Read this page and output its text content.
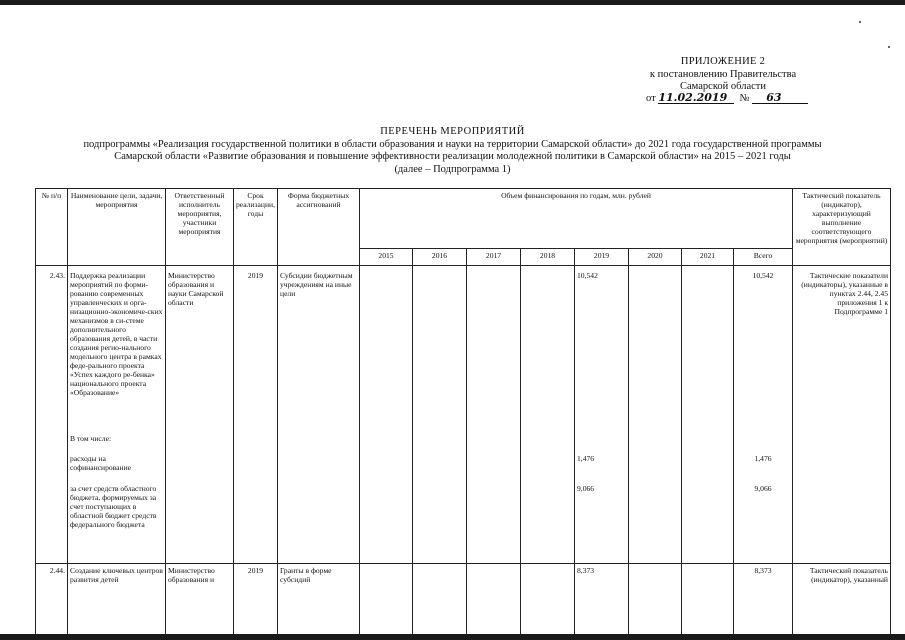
ПРИЛОЖЕНИЕ 2
к постановлению Правительства
Самарской области
от 11.02.2019 № 63
ПЕРЕЧЕНЬ МЕРОПРИЯТИЙ
подпрограммы «Реализация государственной политики в области образования и науки на территории Самарской области» до 2021 года государственной программы
Самарской области «Развитие образования и повышение эффективности реализации молодежной политики в Самарской области» на 2015 – 2021 годы
(далее – Подпрограмма 1)
№ п/п	Наименование цели, задачи, мероприятия	Ответственный исполнитель мероприятия, участники мероприятия	Срок реализации, годы	Форма бюджетных ассигнований	Объем финансирования по годам, млн. рублей								Тактический показатель (индикатор), характеризующий выполнение соответствующего мероприятия (мероприятий)
					2015	2016	2017	2018	2019	2020	2021	Всего	
2.43.	Поддержка реализации мероприятий по форми-рованию современных управленческих и орга-низационно-экономиче-ских механизмов в си-стеме дополнительного образования детей, в части создания регио-нального модельного центра в рамках феде-рального проекта «Успех каждого ре-бенка» национального проекта «Образование»	Министерство образования и науки Самарской области	2019	Субсидии бюджетным учреждениям на иные цели					10,542			10,542	Тактические показатели (индикаторы), указанные в пунктах 2.44, 2.45 приложения 1 к Подпрограмме 1
	В том числе:												
	расходы на софинансирование								1,476			1,476	
	за счет средств областного бюджета, формируемых за счет поступающих в областной бюджет средств федерального бюджета								9,066			9,066	
2.44.	Создание ключевых центров развития детей	Министерство образования и	2019	Гранты в форме субсидий					8,373			8,373	Тактический показатель (индикатор), указанный
